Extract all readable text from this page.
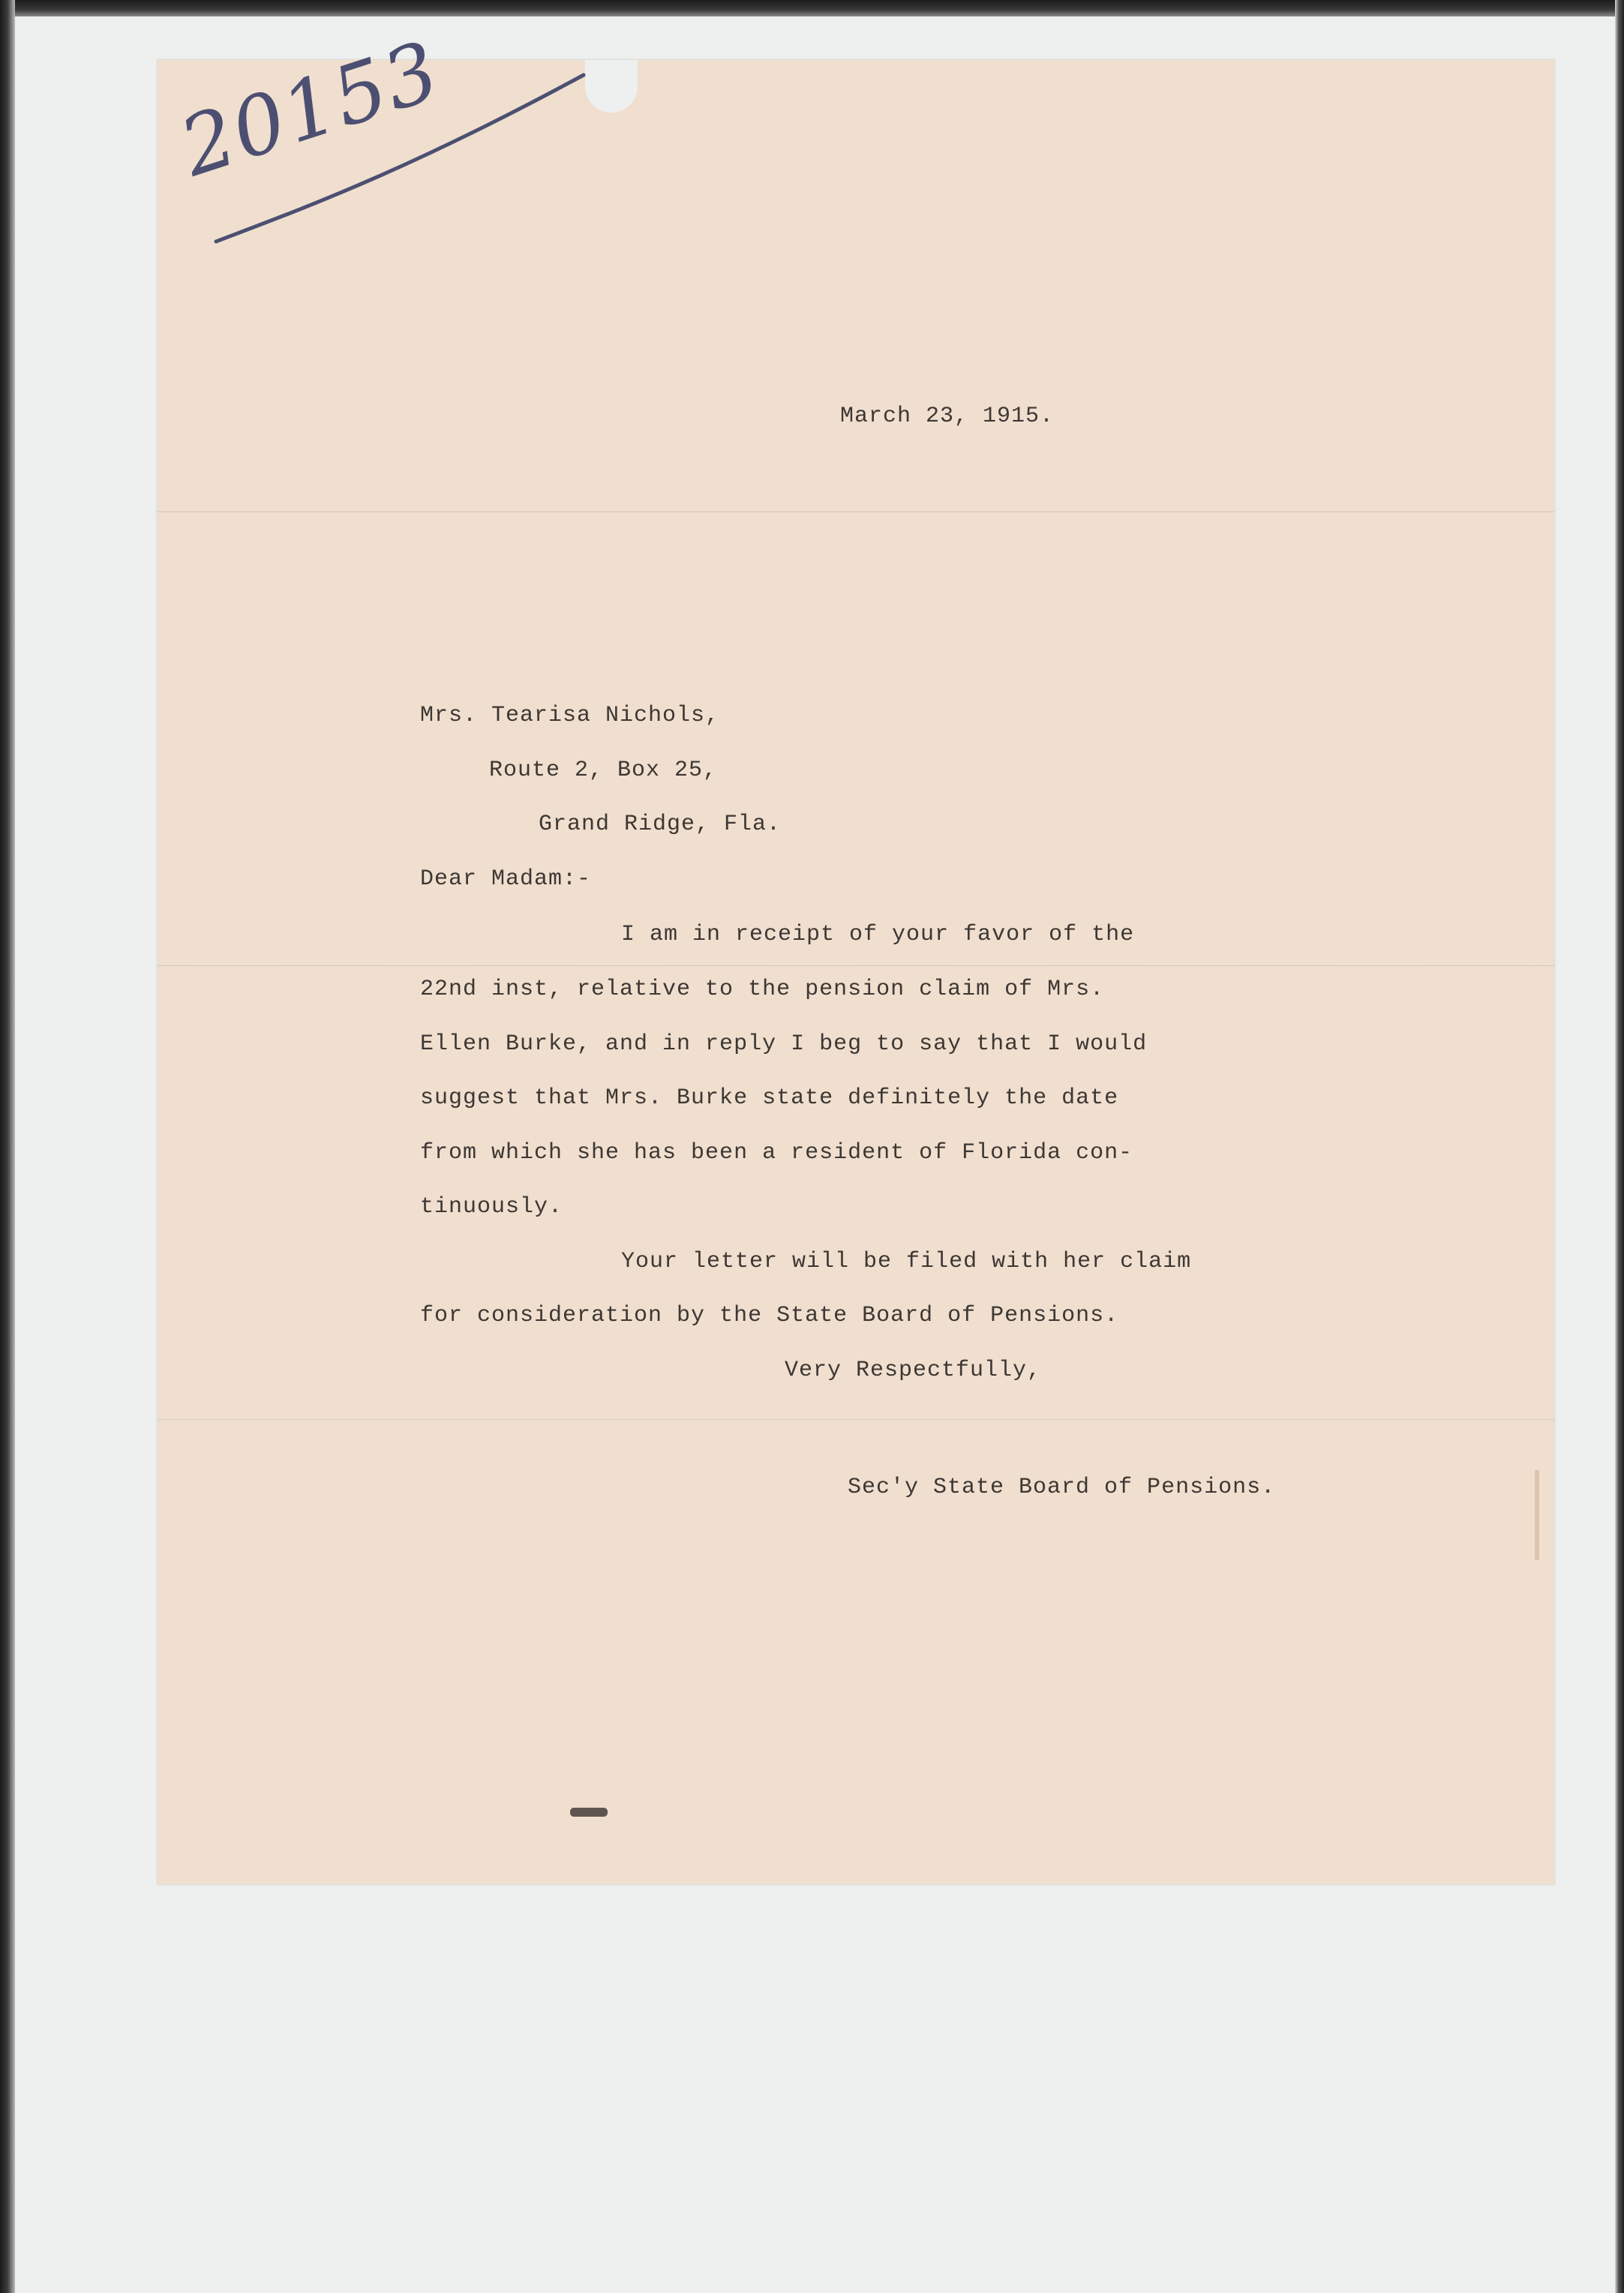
20153
March 23, 1915.
Mrs. Tearisa Nichols,
Route 2, Box 25,
Grand Ridge, Fla.
Dear Madam:-
I am in receipt of your favor of the
22nd inst, relative to the pension claim of Mrs.
Ellen Burke, and in reply I beg to say that I would
suggest that Mrs. Burke state definitely the date
from which she has been a resident of Florida con-
tinuously.
Your letter will be filed with her claim
for consideration by the State Board of Pensions.
Very Respectfully,
Sec'y State Board of Pensions.
